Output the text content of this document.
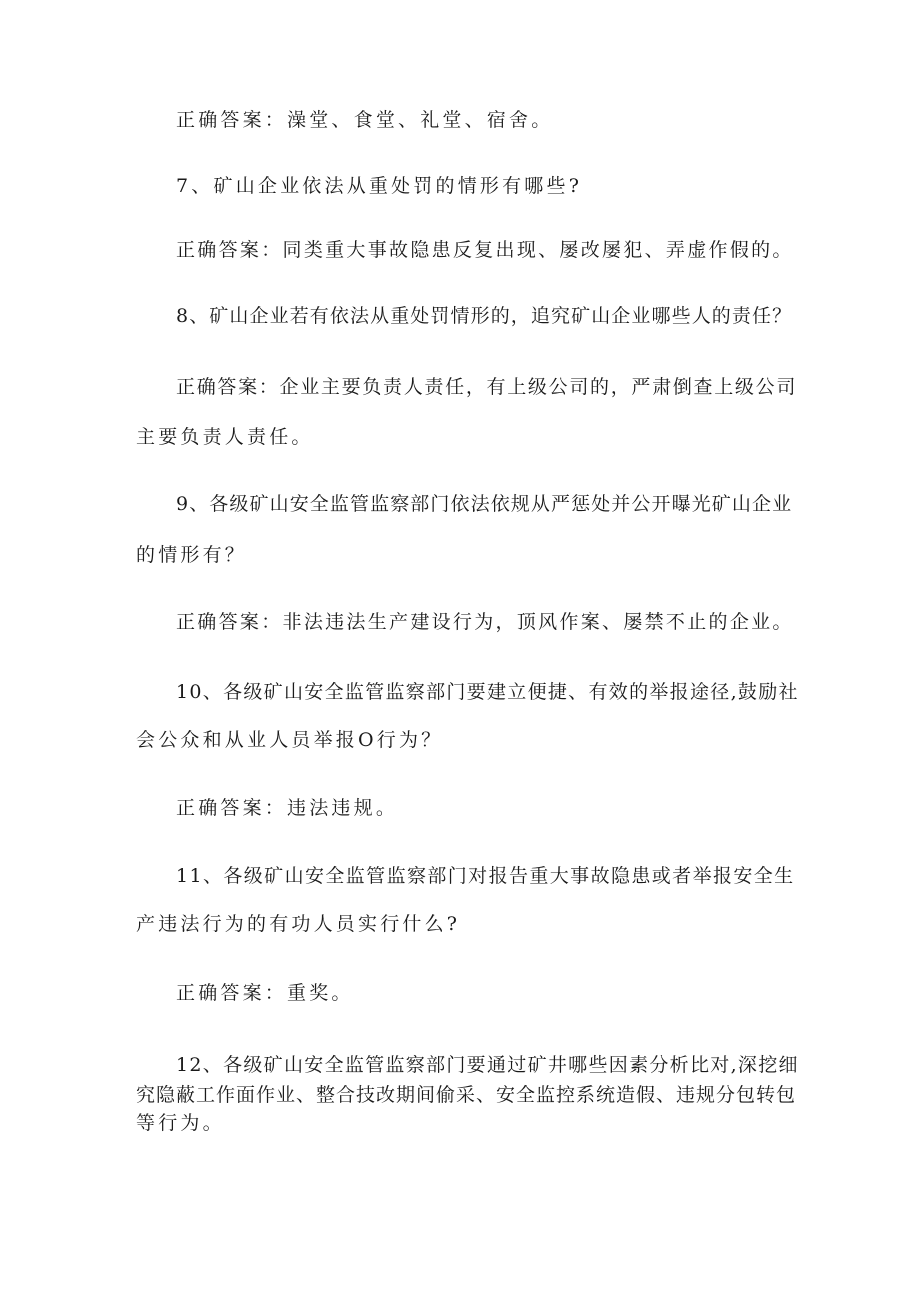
正确答案：澡堂、食堂、礼堂、宿舍。
7、矿山企业依法从重处罚的情形有哪些?
正确答案：同类重大事故隐患反复出现、屡改屡犯、弄虚作假的。
8、矿山企业若有依法从重处罚情形的，追究矿山企业哪些人的责任？
正确答案：企业主要负责人责任，有上级公司的，严肃倒查上级公司
主要负责人责任。
9、各级矿山安全监管监察部门依法依规从严惩处并公开曝光矿山企业
的情形有？
正确答案：非法违法生产建设行为，顶风作案、屡禁不止的企业。
10、各级矿山安全监管监察部门要建立便捷、有效的举报途径,鼓励社
会公众和从业人员举报O行为？
正确答案：违法违规。
11、各级矿山安全监管监察部门对报告重大事故隐患或者举报安全生
产违法行为的有功人员实行什么?
正确答案：重奖。
12、各级矿山安全监管监察部门要通过矿井哪些因素分析比对,深挖细
究隐蔽工作面作业、整合技改期间偷采、安全监控系统造假、违规分包转包
等行为。
